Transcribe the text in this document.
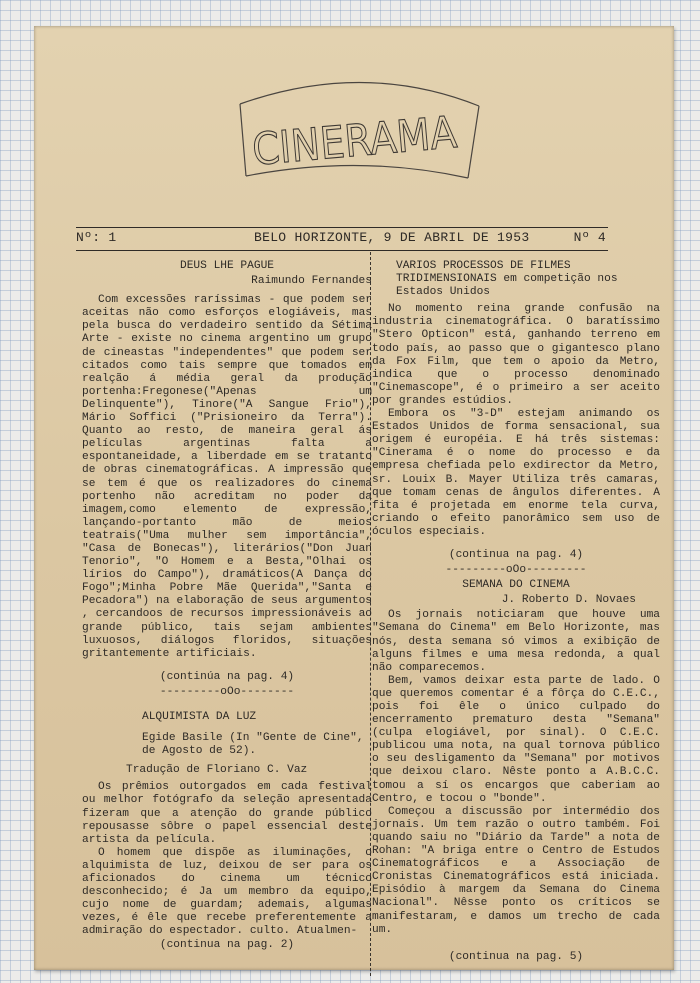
CINERAMA
Nº: 1	BELO HORIZONTE, 9 DE ABRIL DE 1953	Nº 4
DEUS LHE PAGUE
Raimundo Fernandes

Com excessões raríssimas - que podem ser aceitas não como esforços elogiáveis, mas pela busca do verdadeiro sentido da Sétima Arte - existe no cinema argentino um grupo de cineastas "independentes" que podem ser citados como tais sempre que tomados em realção á média geral da produção portenha:Fregonese("Apenas um Delinquente"), Tinore("A Sangue Frio"), Mário Soffici ("Prisioneiro da Terra"). Quanto ao resto, de maneira geral ás películas argentinas falta a espontaneidade, a liberdade em se tratanto de obras cinematográficas. A impressão que se tem é que os realizadores do cinema portenho não acreditam no poder da imagem,como elemento de expressão, lançando-portanto mão de meios teatrais("Uma mulher sem importância", "Casa de Bonecas"), literários("Don Juan Tenorio", "O Homem e a Besta,"Olhai os lírios do Campo"), dramáticos(A Dança do Fogo";Minha Pobre Mãe Querida","Santa e Pecadora") na elaboração de seus argumentos , cercandoos de recursos impressionáveis ao grande público, tais sejam ambientes luxuosos, diálogos floridos, situações gritantemente artificiais.

(continúa na pag. 4)
---------oOo--------
ALQUIMISTA DA LUZ
Egide Basile (In "Gente de Cine", de Agosto de 52).
Tradução de Floriano C. Vaz

Os prêmios outorgados em cada festival ou melhor fotógrafo da seleção apresentada fizeram que a atenção do grande público repousasse sôbre o papel essencial deste artista da película.

O homem que dispõe as iluminações, o alquimista de luz, deixou de ser para os aficionados do cinema um técnico desconhecido; é Ja um membro da equipo, cujo nome de guardam; ademais, algumas vezes, é êle que recebe preferentemente a admiração do espectador. culto. Atualmen-

(continua na pag. 2)
VARIOS PROCESSOS DE FILMES TRIDIMENSIONAIS em competição nos Estados Unidos

No momento reina grande confusão na industria cinematográfica. O baratíssimo "Stero Opticon" está, ganhando terreno em todo país, ao passo que o gigantesco plano da Fox Film, que tem o apoio da Metro, indica que o processo denominado "Cinemascope", é o primeiro a ser aceito por grandes estúdios.

Embora os "3-D" estejam animando os Estados Unidos de forma sensacional, sua origem é européia. E há três sistemas: "Cinerama é o nome do processo e da empresa chefiada pelo exdirector da Metro, sr. Louix B. Mayer Utiliza três camaras, que tomam cenas de ângulos diferentes. A fita é projetada em enorme tela curva, criando o efeito panorâmico sem uso de óculos especiais.

(continua na pag. 4)
---------oOo---------
SEMANA DO CINEMA
J. Roberto D. Novaes

Os jornais noticiaram que houve uma "Semana do Cinema" em Belo Horizonte, mas nós, desta semana só vimos a exibição de alguns filmes e uma mesa redonda, a qual não comparecemos.

Bem, vamos deixar esta parte de lado. O que queremos comentar é a fôrça do C.E.C., pois foi êle o único culpado do encerramento prematuro desta "Semana" (culpa elogiável, por sinal). O C.E.C. publicou uma nota, na qual tornova público o seu desligamento da "Semana" por motivos que deixou claro. Nêste ponto a A.B.C.C. tomou a sí os encargos que caberiam ao Centro, e tocou o "bonde".

Começou a discussão por intermédio dos jornais. Um tem razão o outro também. Foi quando saiu no "Diário da Tarde" a nota de Rohan: "A briga entre o Centro de Estudos Cinematográficos e a Associação de Cronistas Cinematográficos está iniciada. Episódio à margem da Semana do Cinema Nacional". Nêsse ponto os críticos se manifestaram, e damos um trecho de cada um.

(continua na pag. 5)
